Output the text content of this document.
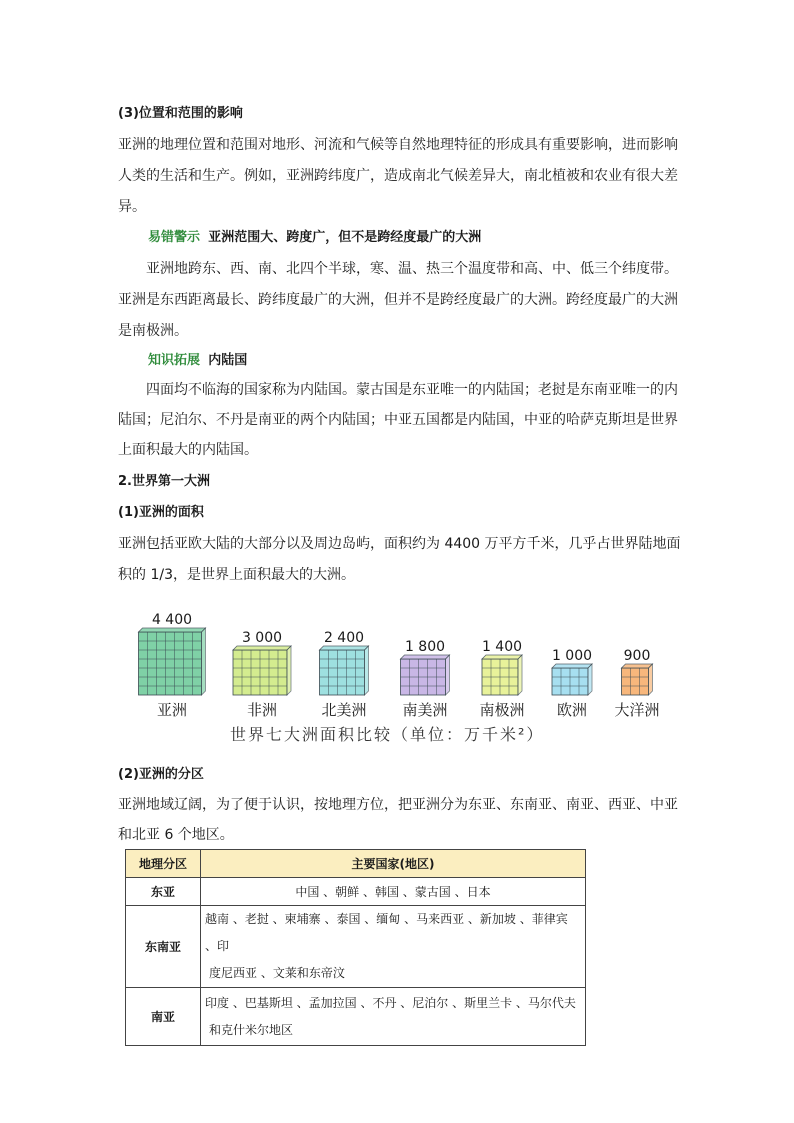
(3)位置和范围的影响
亚洲的地理位置和范围对地形、河流和气候等自然地理特征的形成具有重要影响，进而影响
人类的生活和生产。例如，亚洲跨纬度广，造成南北气候差异大，南北植被和农业有很大差
异。
易错警示 亚洲范围大、跨度广，但不是跨经度最广的大洲
亚洲地跨东、西、南、北四个半球，寒、温、热三个温度带和高、中、低三个纬度带。
亚洲是东西距离最长、跨纬度最广的大洲，但并不是跨经度最广的大洲。跨经度最广的大洲
是南极洲。
知识拓展 内陆国
四面均不临海的国家称为内陆国。蒙古国是东亚唯一的内陆国；老挝是东南亚唯一的内
陆国；尼泊尔、不丹是南亚的两个内陆国；中亚五国都是内陆国，中亚的哈萨克斯坦是世界
上面积最大的内陆国。
2.世界第一大洲
(1)亚洲的面积
亚洲包括亚欧大陆的大部分以及周边岛屿，面积约为 4400 万平方千米，几乎占世界陆地面
积的 1/3，是世界上面积最大的大洲。
4 400
亚洲
3 000
非洲
2 400
北美洲
1 800
南美洲
1 400
南极洲
1 000
欧洲
900
大洋洲
世界七大洲面积比较（单位：万千米²）
(2)亚洲的分区
亚洲地域辽阔，为了便于认识，按地理方位，把亚洲分为东亚、东南亚、南亚、西亚、中亚
和北亚 6 个地区。
地理分区	主要国家(地区)
东亚	中国 、朝鲜 、韩国 、蒙古国 、日本
东南亚	越南 、老挝 、柬埔寨 、泰国 、缅甸 、马来西亚 、新加坡 、菲律宾 、印
度尼西亚 、文莱和东帝汶

南亚	印度 、巴基斯坦 、孟加拉国 、不丹 、尼泊尔 、斯里兰卡 、马尔代夫
和克什米尔地区
